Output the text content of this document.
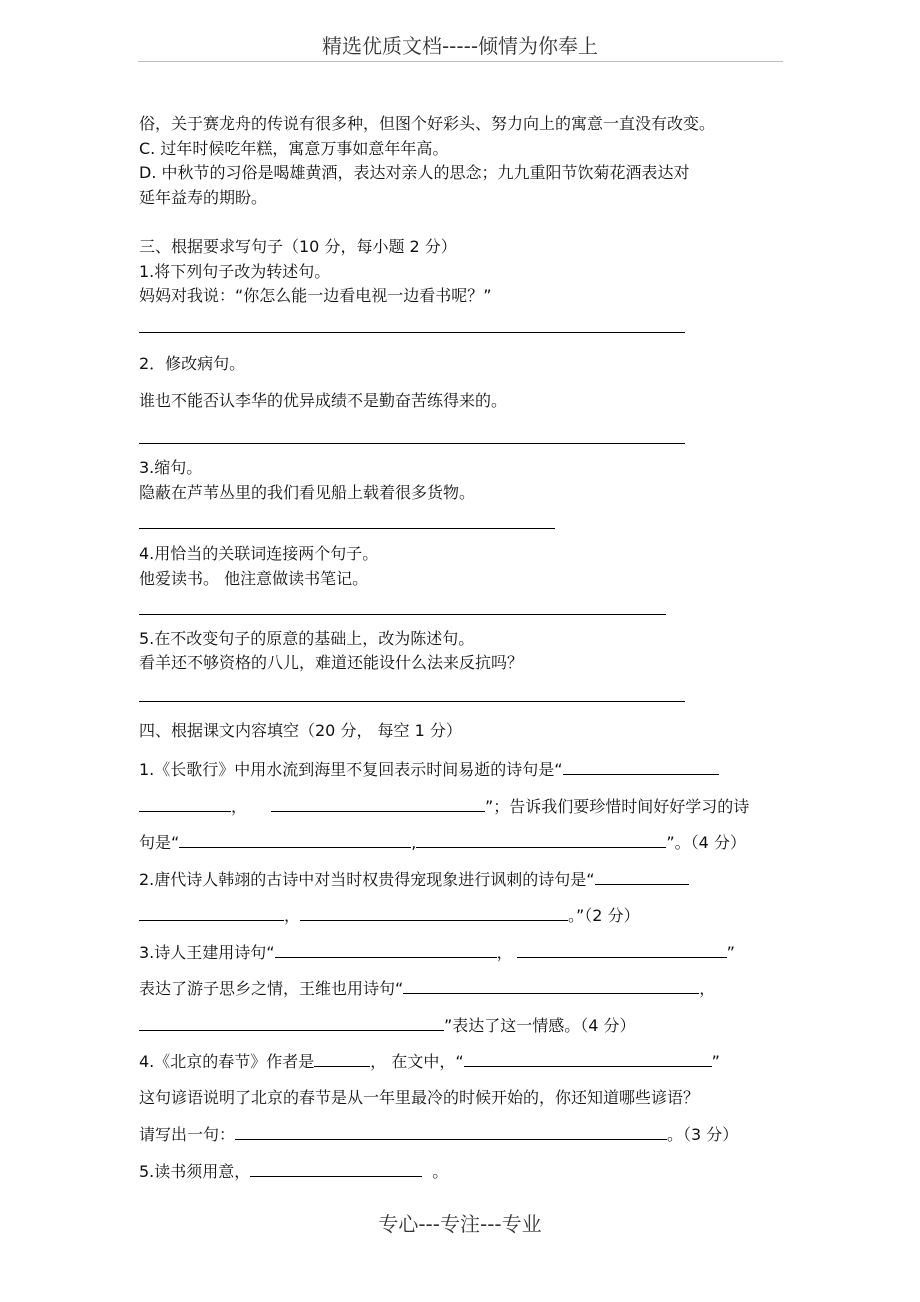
精选优质文档-----倾情为你奉上
俗，关于赛龙舟的传说有很多种，但图个好彩头、努力向上的寓意一直没有改变。
C. 过年时候吃年糕，寓意万事如意年年高。
D. 中秋节的习俗是喝雄黄酒，表达对亲人的思念；九九重阳节饮菊花酒表达对
延年益寿的期盼。
三、根据要求写句子（10 分，每小题 2 分）
1.将下列句子改为转述句。
妈妈对我说：“你怎么能一边看电视一边看书呢？”
2．修改病句。
谁也不能否认李华的优异成绩不是勤奋苦练得来的。
3.缩句。
隐蔽在芦苇丛里的我们看见船上载着很多货物。
4.用恰当的关联词连接两个句子。
他爱读书。 他注意做读书笔记。
5.在不改变句子的原意的基础上，改为陈述句。
看羊还不够资格的八儿，难道还能设什么法来反抗吗？
四、根据课文内容填空（20 分， 每空 1 分）
1.《长歌行》中用水流到海里不复回表示时间易逝的诗句是“
，	”；告诉我们要珍惜时间好好学习的诗
句是“	,	”。（4 分）
2.唐代诗人韩翊的古诗中对当时权贵得宠现象进行讽刺的诗句是“
，	。”（2 分）
3.诗人王建用诗句“	，	”
表达了游子思乡之情，王维也用诗句“	，
”表达了这一情感。（4 分）
4.《北京的春节》作者是	， 在文中，“	”
这句谚语说明了北京的春节是从一年里最冷的时候开始的，你还知道哪些谚语？
请写出一句：	。（3 分）
5.读书须用意，	。
专心---专注---专业
